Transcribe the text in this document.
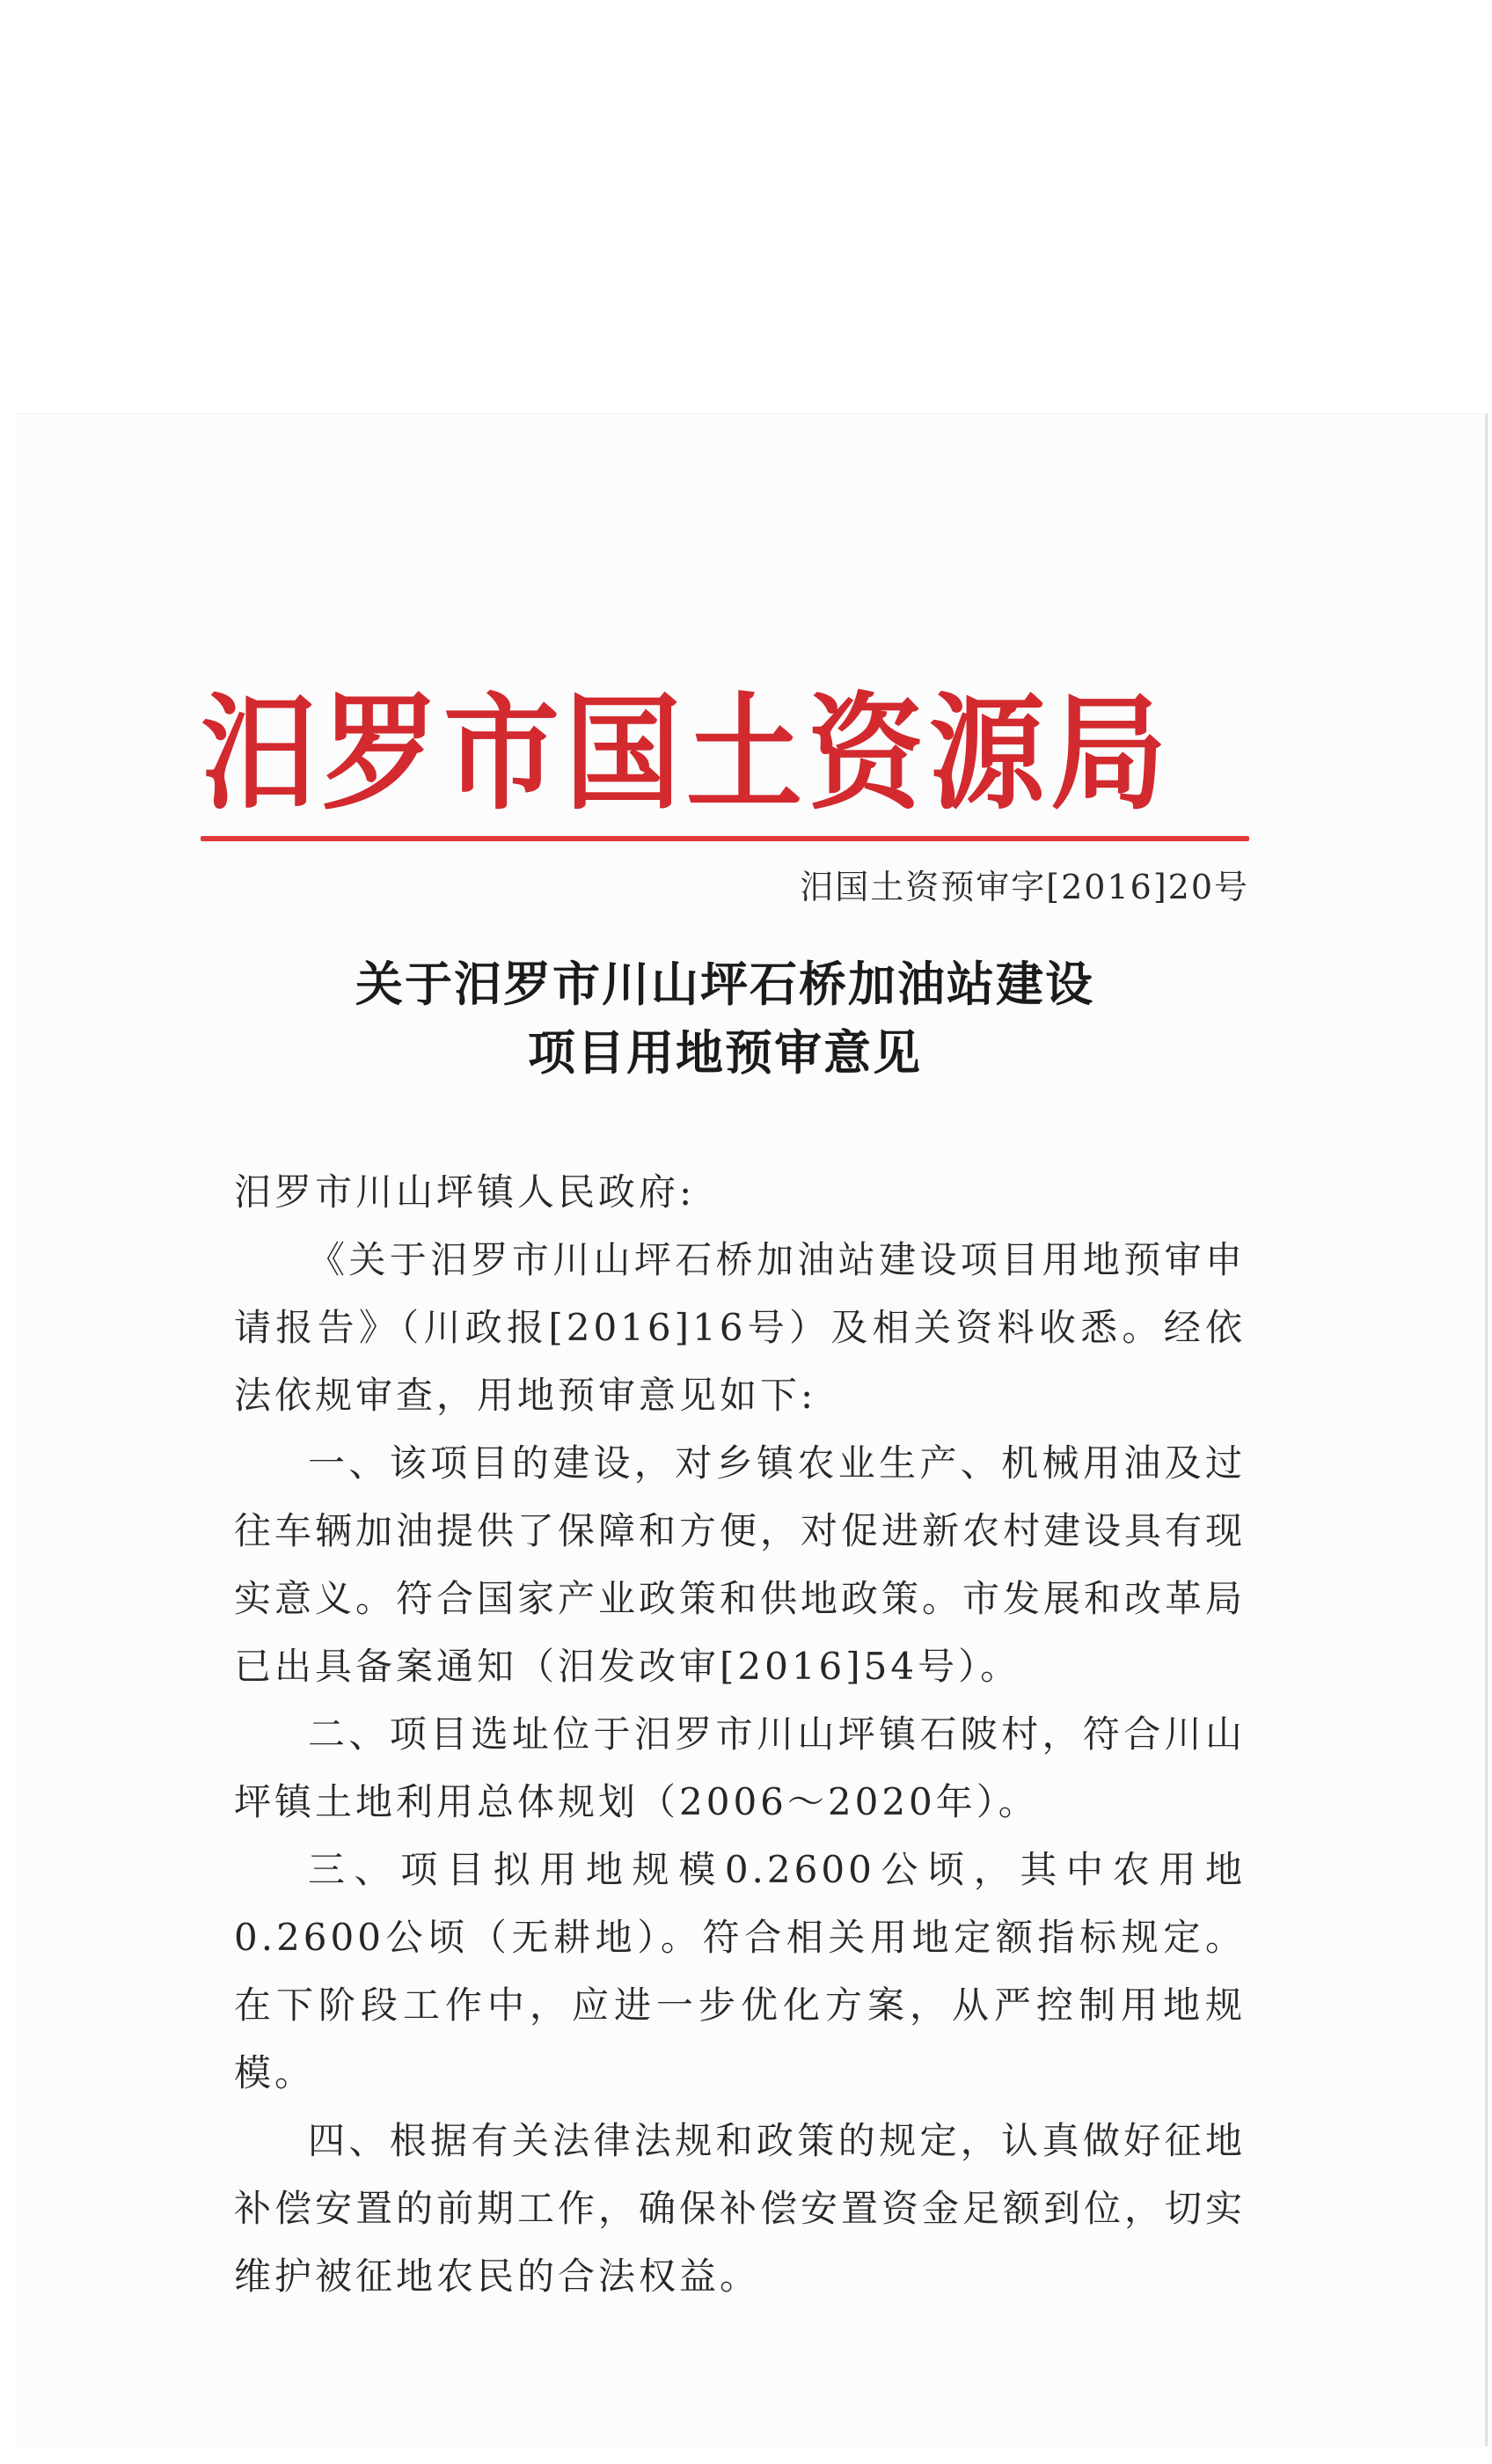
汨罗市国土资源局
汨国土资预审字[2016]20号
关于汨罗市川山坪石桥加油站建设
项目用地预审意见

汨罗市川山坪镇人民政府:

《关于汨罗市川山坪石桥加油站建设项目用地预审申请报告》（川政报[2016]16号）及相关资料收悉。经依法依规审查，用地预审意见如下:

一、该项目的建设，对乡镇农业生产、机械用油及过往车辆加油提供了保障和方便，对促进新农村建设具有现实意义。符合国家产业政策和供地政策。市发展和改革局已出具备案通知（汨发改审[2016]54号）。

二、项目选址位于汨罗市川山坪镇石陂村，符合川山坪镇土地利用总体规划（2006～2020年）。

三、项目拟用地规模0.2600公顷，其中农用地0.2600公顷（无耕地）。符合相关用地定额指标规定。在下阶段工作中，应进一步优化方案，从严控制用地规模。

四、根据有关法律法规和政策的规定，认真做好征地补偿安置的前期工作，确保补偿安置资金足额到位，切实维护被征地农民的合法权益。
